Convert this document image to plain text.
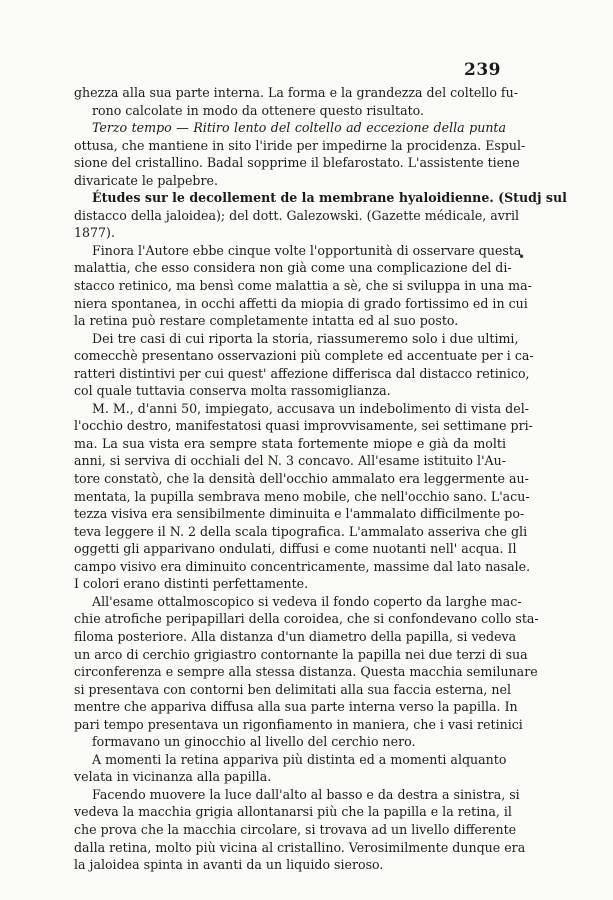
239
•
ghezza alla sua parte interna. La forma e la grandezza del coltello fu-
rono calcolate in modo da ottenere questo risultato.
Terzo tempo — Ritiro lento del coltello ad eccezione della punta
ottusa, che mantiene in sito l'iride per impedirne la procidenza. Espul-
sione del cristallino. Badal sopprime il blefarostato. L'assistente tiene
divaricate le palpebre.
Études sur le decollement de la membrane hyaloidienne. (Studj sul
distacco della jaloidea); del dott. Galezowski. (Gazette médicale, avril
1877).
Finora l'Autore ebbe cinque volte l'opportunità di osservare questa
malattia, che esso considera non già come una complicazione del di-
stacco retinico, ma bensì come malattia a sè, che si sviluppa in una ma-
niera spontanea, in occhi affetti da miopia di grado fortissimo ed in cui
la retina può restare completamente intatta ed al suo posto.
Dei tre casi di cui riporta la storia, riassumeremo solo i due ultimi,
comecchè presentano osservazioni più complete ed accentuate per i ca-
ratteri distintivi per cui quest' affezione differisca dal distacco retinico,
col quale tuttavia conserva molta rassomiglianza.
M. M., d'anni 50, impiegato, accusava un indebolimento di vista del-
l'occhio destro, manifestatosi quasi improvvisamente, sei settimane pri-
ma. La sua vista era sempre stata fortemente miope e già da molti
anni, si serviva di occhiali del N. 3 concavo. All'esame istituito l'Au-
tore constatò, che la densità dell'occhio ammalato era leggermente au-
mentata, la pupilla sembrava meno mobile, che nell'occhio sano. L'acu-
tezza visiva era sensibilmente diminuita e l'ammalato difficilmente po-
teva leggere il N. 2 della scala tipografica. L'ammalato asseriva che gli
oggetti gli apparivano ondulati, diffusi e come nuotanti nell' acqua. Il
campo visivo era diminuito concentricamente, massime dal lato nasale.
I colori erano distinti perfettamente.
All'esame ottalmoscopico si vedeva il fondo coperto da larghe mac-
chie atrofiche peripapillari della coroidea, che si confondevano collo sta-
filoma posteriore. Alla distanza d'un diametro della papilla, si vedeva
un arco di cerchio grigiastro contornante la papilla nei due terzi di sua
circonferenza e sempre alla stessa distanza. Questa macchia semilunare
si presentava con contorni ben delimitati alla sua faccia esterna, nel
mentre che appariva diffusa alla sua parte interna verso la papilla. In
pari tempo presentava un rigonfiamento in maniera, che i vasi retinici
formavano un ginocchio al livello del cerchio nero.
A momenti la retina appariva più distinta ed a momenti alquanto
velata in vicinanza alla papilla.
Facendo muovere la luce dall'alto al basso e da destra a sinistra, si
vedeva la macchia grigia allontanarsi più che la papilla e la retina, il
che prova che la macchia circolare, si trovava ad un livello differente
dalla retina, molto più vicina al cristallino. Verosimilmente dunque era
la jaloidea spinta in avanti da un liquido sieroso.
